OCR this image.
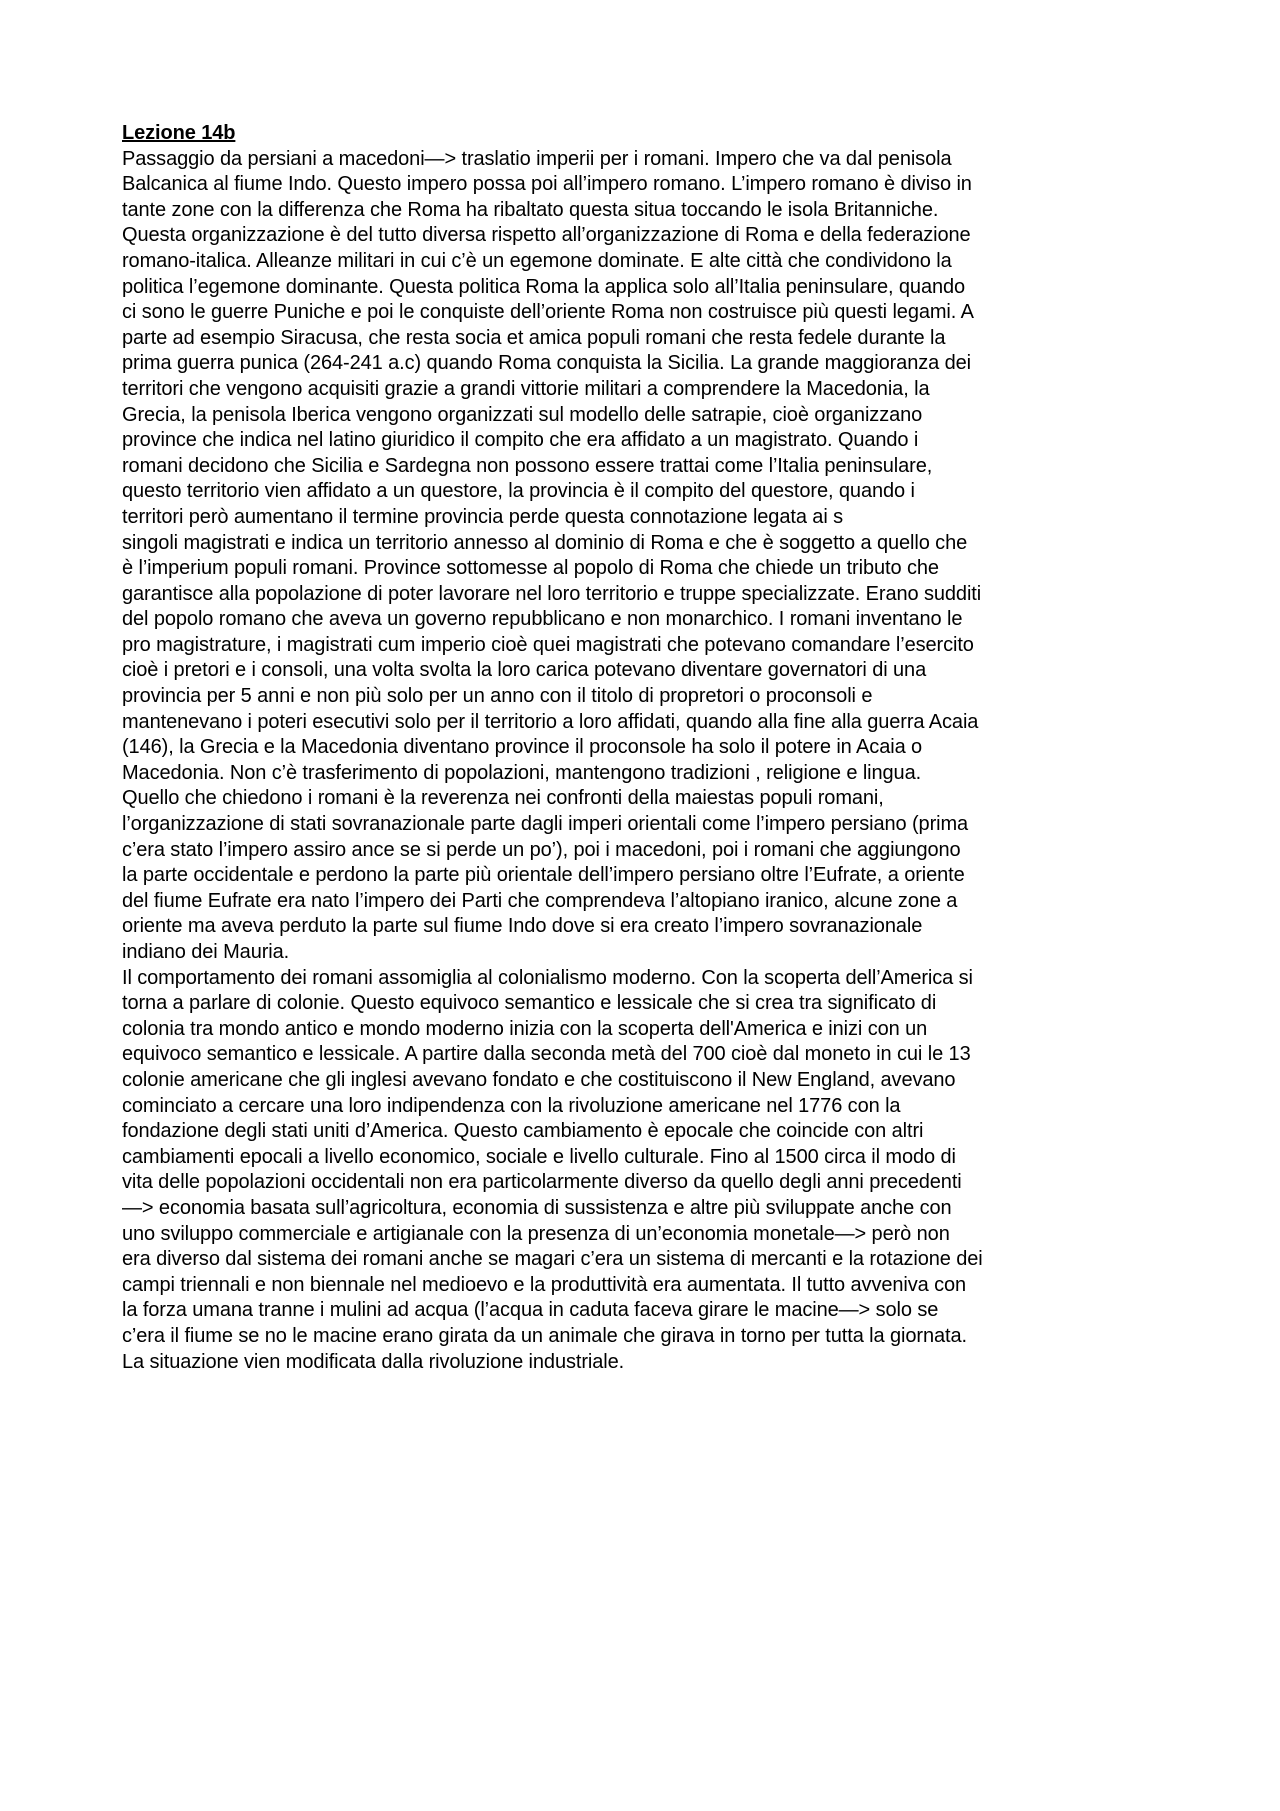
Lezione 14b
Passaggio da persiani a macedoni—> traslatio imperii per i romani. Impero che va dal penisola
Balcanica al fiume Indo. Questo impero possa poi all’impero romano. L’impero romano è diviso in
tante zone con la differenza che Roma ha ribaltato questa situa toccando le isola Britanniche.
Questa organizzazione è del tutto diversa rispetto all’organizzazione di Roma e della federazione
romano-italica. Alleanze militari in cui c’è un egemone dominate. E alte città che condividono la
politica l’egemone dominante. Questa politica Roma la applica solo all’Italia peninsulare, quando
ci sono le guerre Puniche e poi le conquiste dell’oriente Roma non costruisce più questi legami. A
parte ad esempio Siracusa, che resta socia et amica populi romani che resta fedele durante la
prima guerra punica (264-241 a.c) quando Roma conquista la Sicilia. La grande maggioranza dei
territori che vengono acquisiti grazie a grandi vittorie militari a comprendere la Macedonia, la
Grecia, la penisola Iberica vengono organizzati sul modello delle satrapie, cioè organizzano
province che indica nel latino giuridico il compito che era affidato a un magistrato. Quando i
romani decidono che Sicilia e Sardegna non possono essere trattai come l’Italia peninsulare,
questo territorio vien affidato a un questore, la provincia è il compito del questore, quando i
territori però aumentano il termine provincia perde questa connotazione legata ai s
singoli magistrati e indica un territorio annesso al dominio di Roma e che è soggetto a quello che
è l’imperium populi romani. Province sottomesse al popolo di Roma che chiede un tributo che
garantisce alla popolazione di poter lavorare nel loro territorio e truppe specializzate. Erano sudditi
del popolo romano che aveva un governo repubblicano e non monarchico. I romani inventano le
pro magistrature, i magistrati cum imperio cioè quei magistrati che potevano comandare l’esercito
cioè i pretori e i consoli, una volta svolta la loro carica potevano diventare governatori di una
provincia per 5 anni e non più solo per un anno con il titolo di propretori o proconsoli e
mantenevano i poteri esecutivi solo per il territorio a loro affidati, quando alla fine alla guerra Acaia
(146), la Grecia e la Macedonia diventano province il proconsole ha solo il potere in Acaia o
Macedonia. Non c’è trasferimento di popolazioni, mantengono tradizioni , religione e lingua.
Quello che chiedono i romani è la reverenza nei confronti della maiestas populi romani,
l’organizzazione di stati sovranazionale parte dagli imperi orientali come l’impero persiano (prima
c’era stato l’impero assiro ance se si perde un po’), poi i macedoni, poi i romani che aggiungono
la parte occidentale e perdono la parte più orientale dell’impero persiano oltre l’Eufrate, a oriente
del fiume Eufrate era nato l’impero dei Parti che comprendeva l’altopiano iranico, alcune zone a
oriente ma aveva perduto la parte sul fiume Indo dove si era creato l’impero sovranazionale
indiano dei Mauria.
Il comportamento dei romani assomiglia al colonialismo moderno. Con la scoperta dell’America si
torna a parlare di colonie. Questo equivoco semantico e lessicale che si crea tra significato di
colonia tra mondo antico e mondo moderno inizia con la scoperta dell'America e inizi con un
equivoco semantico e lessicale. A partire dalla seconda metà del 700 cioè dal moneto in cui le 13
colonie americane che gli inglesi avevano fondato e che costituiscono il New England, avevano
cominciato a cercare una loro indipendenza con la rivoluzione americane nel 1776 con la
fondazione degli stati uniti d’America. Questo cambiamento è epocale che coincide con altri
cambiamenti epocali a livello economico, sociale e livello culturale. Fino al 1500 circa il modo di
vita delle popolazioni occidentali non era particolarmente diverso da quello degli anni precedenti
—> economia basata sull’agricoltura, economia di sussistenza e altre più sviluppate anche con
uno sviluppo commerciale e artigianale con la presenza di un’economia monetale—> però non
era diverso dal sistema dei romani anche se magari c’era un sistema di mercanti e la rotazione dei
campi triennali e non biennale nel medioevo e la produttività era aumentata. Il tutto avveniva con
la forza umana tranne i mulini ad acqua (l’acqua in caduta faceva girare le macine—> solo se
c’era il fiume se no le macine erano girata da un animale che girava in torno per tutta la giornata.
La situazione vien modificata dalla rivoluzione industriale.
